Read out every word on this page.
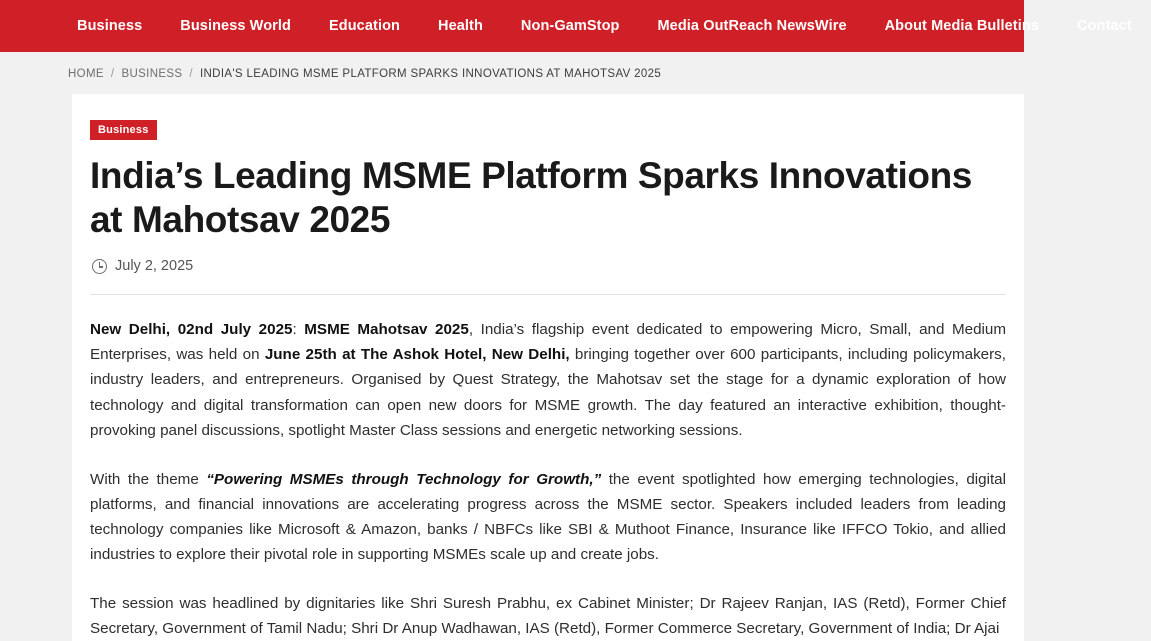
Business	Business World	Education	Health	Non-GamStop	Media OutReach NewsWire	About Media Bulletins	Contact
HOME / BUSINESS / INDIA'S LEADING MSME PLATFORM SPARKS INNOVATIONS AT MAHOTSAV 2025
Business
India’s Leading MSME Platform Sparks Innovations at Mahotsav 2025
July 2, 2025

New Delhi, 02nd July 2025: MSME Mahotsav 2025, India’s flagship event dedicated to empowering Micro, Small, and Medium Enterprises, was held on June 25th at The Ashok Hotel, New Delhi, bringing together over 600 participants, including policymakers, industry leaders, and entrepreneurs. Organised by Quest Strategy, the Mahotsav set the stage for a dynamic exploration of how technology and digital transformation can open new doors for MSME growth. The day featured an interactive exhibition, thought-provoking panel discussions, spotlight Master Class sessions and energetic networking sessions.

With the theme “Powering MSMEs through Technology for Growth,” the event spotlighted how emerging technologies, digital platforms, and financial innovations are accelerating progress across the MSME sector. Speakers included leaders from leading technology companies like Microsoft & Amazon, banks / NBFCs like SBI & Muthoot Finance, Insurance like IFFCO Tokio, and allied industries to explore their pivotal role in supporting MSMEs scale up and create jobs.

The session was headlined by dignitaries like Shri Suresh Prabhu, ex Cabinet Minister; Dr Rajeev Ranjan, IAS (Retd), Former Chief Secretary, Government of Tamil Nadu; Shri Dr Anup Wadhawan, IAS (Retd), Former Commerce Secretary, Government of India; Dr Ajai
